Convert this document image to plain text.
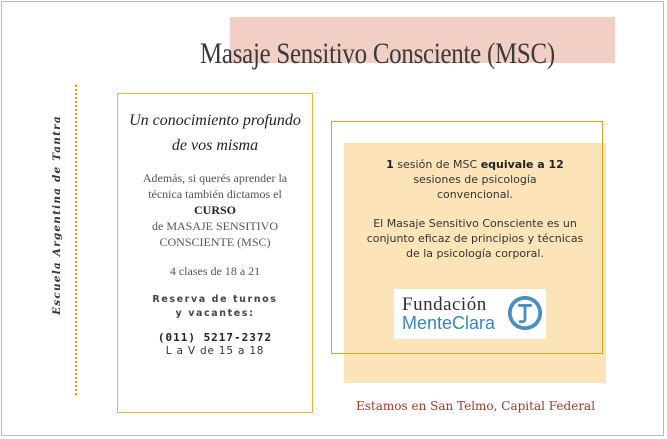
Masaje Sensitivo Consciente (MSC)
Escuela Argentina de Tantra	Un conocimiento profundo
de vos misma
Además, si querés aprender la
técnica también dictamos el
CURSO
de MASAJE SENSITIVO
CONSCIENTE (MSC)
4 clases de 18 a 21
Reserva de turnos
y vacantes:
(011) 5217-2372
L a V de 15 a 18
1 sesión de MSC equivale a 12
sesiones de psicología
convencional.
El Masaje Sensitivo Consciente es un
conjunto eficaz de principios y técnicas
de la psicología corporal.
Fundación
MenteClara
Estamos en San Telmo, Capital Federal
